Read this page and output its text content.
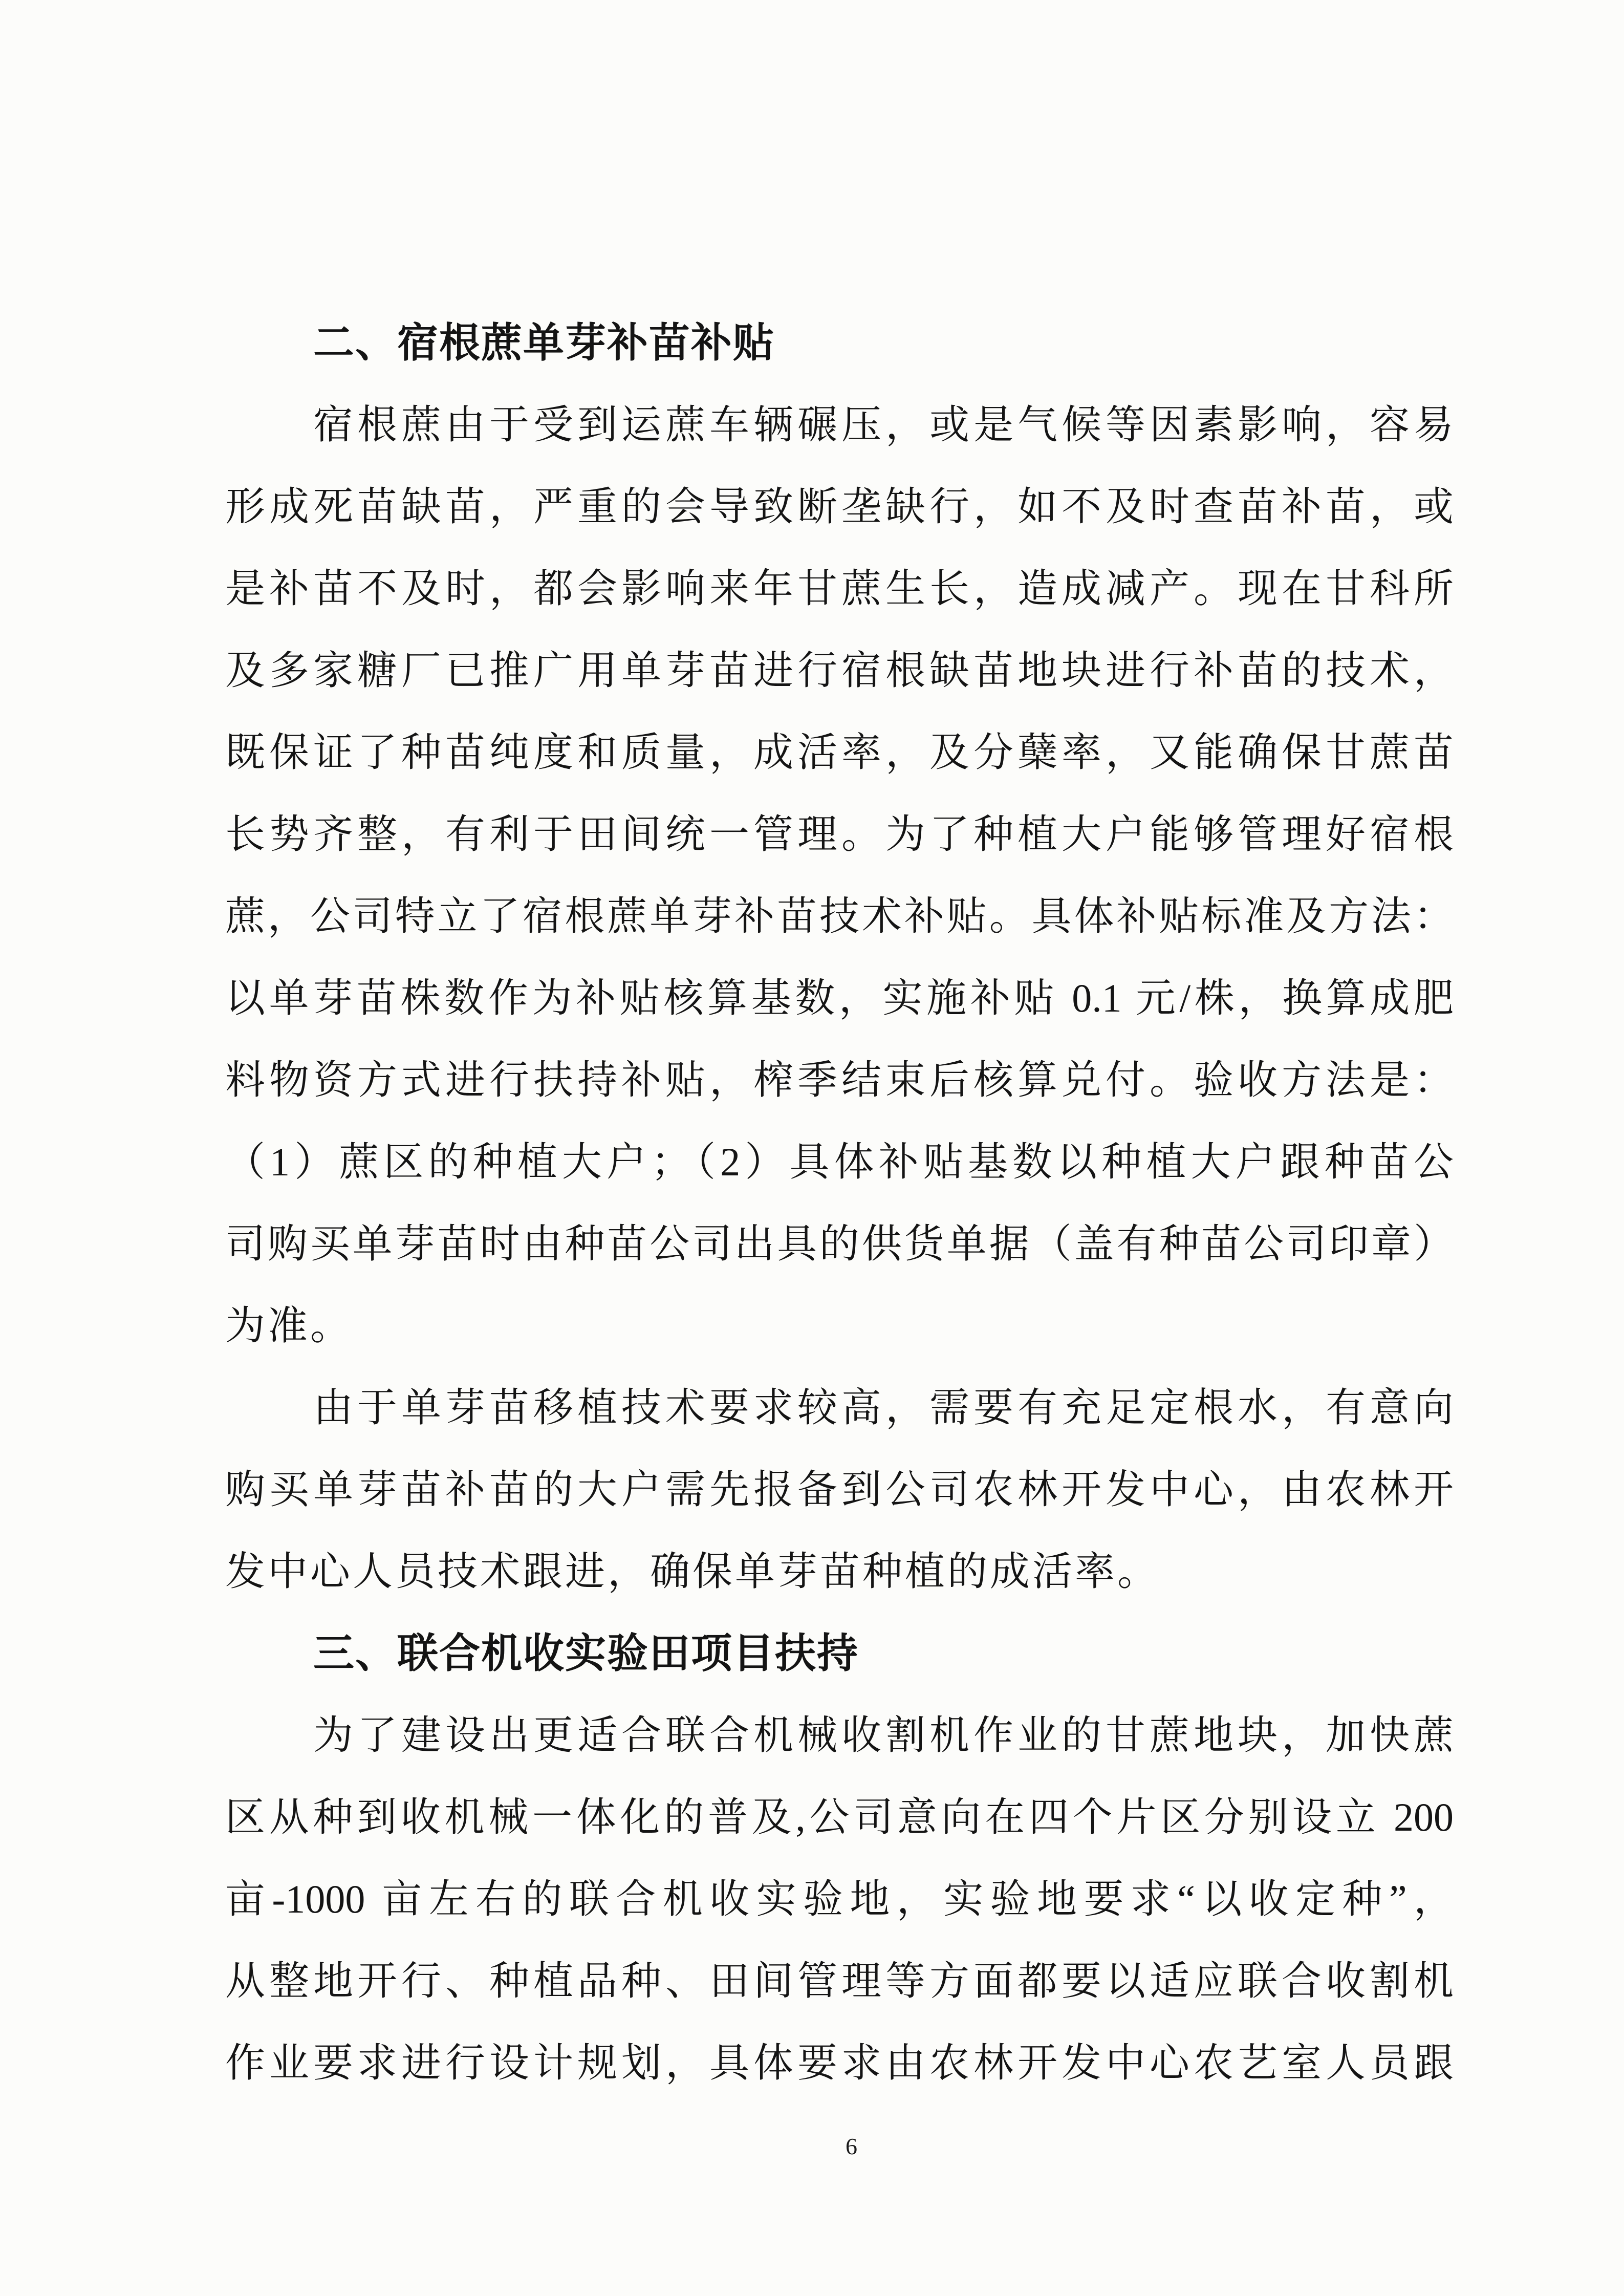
二、宿根蔗单芽补苗补贴
宿根蔗由于受到运蔗车辆碾压，或是气候等因素影响，容易
形成死苗缺苗，严重的会导致断垄缺行，如不及时查苗补苗，或
是补苗不及时，都会影响来年甘蔗生长，造成减产。现在甘科所
及多家糖厂已推广用单芽苗进行宿根缺苗地块进行补苗的技术，
既保证了种苗纯度和质量，成活率，及分蘖率，又能确保甘蔗苗
长势齐整，有利于田间统一管理。为了种植大户能够管理好宿根
蔗，公司特立了宿根蔗单芽补苗技术补贴。具体补贴标准及方法：
以单芽苗株数作为补贴核算基数，实施补贴 0.1 元/株，换算成肥
料物资方式进行扶持补贴，榨季结束后核算兑付。验收方法是：
（1）蔗区的种植大户；（2）具体补贴基数以种植大户跟种苗公
司购买单芽苗时由种苗公司出具的供货单据（盖有种苗公司印章）
为准。
由于单芽苗移植技术要求较高，需要有充足定根水，有意向
购买单芽苗补苗的大户需先报备到公司农林开发中心，由农林开
发中心人员技术跟进，确保单芽苗种植的成活率。
三、联合机收实验田项目扶持
为了建设出更适合联合机械收割机作业的甘蔗地块，加快蔗
区从种到收机械一体化的普及,公司意向在四个片区分别设立 200
亩-1000 亩左右的联合机收实验地，实验地要求“以收定种”，
从整地开行、种植品种、田间管理等方面都要以适应联合收割机
作业要求进行设计规划，具体要求由农林开发中心农艺室人员跟
6
